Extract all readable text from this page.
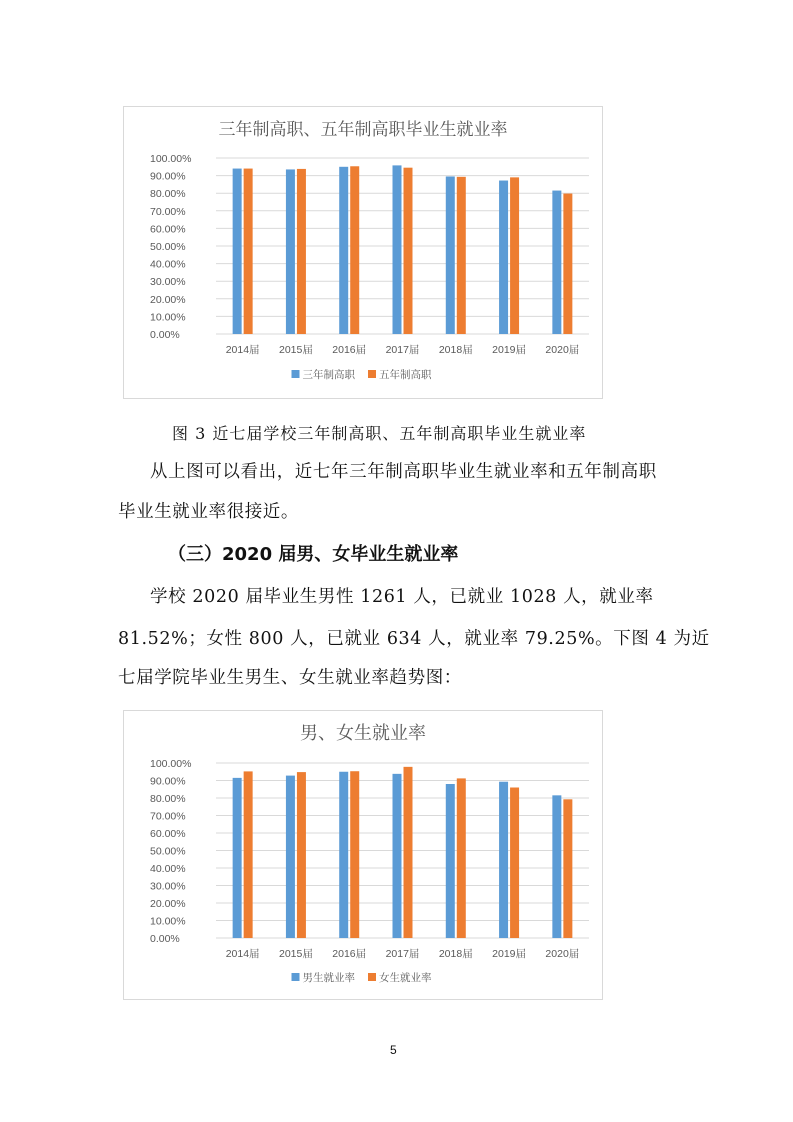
三年制高职、五年制高职毕业生就业率
0.00%
10.00%
20.00%
30.00%
40.00%
50.00%
60.00%
70.00%
80.00%
90.00%
100.00%
2014届 2015届 2016届 2017届 2018届 2019届 2020届
三年制高职 五年制高职
图 3 近七届学校三年制高职、五年制高职毕业生就业率
从上图可以看出，近七年三年制高职毕业生就业率和五年制高职
毕业生就业率很接近。
（三）2020 届男、女毕业生就业率
学校 2020 届毕业生男性 1261 人，已就业 1028 人，就业率
81.52%；女性 800 人，已就业 634 人，就业率 79.25%。下图 4 为近
七届学院毕业生男生、女生就业率趋势图：
男、女生就业率
0.00%
10.00%
20.00%
30.00%
40.00%
50.00%
60.00%
70.00%
80.00%
90.00%
100.00%
2014届 2015届 2016届 2017届 2018届 2019届 2020届
男生就业率 女生就业率
5
